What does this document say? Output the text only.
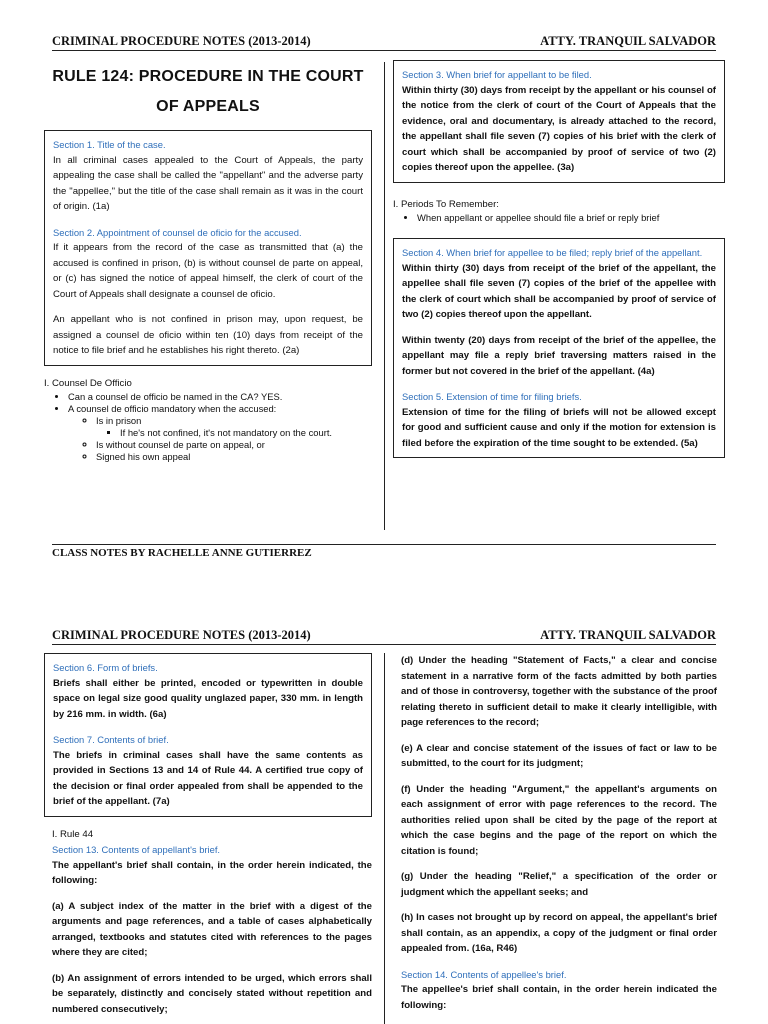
CRIMINAL PROCEDURE NOTES (2013-2014)	ATTY. TRANQUIL SALVADOR
RULE 124: PROCEDURE IN THE COURT
OF APPEALS
Section 1. Title of the case.
In all criminal cases appealed to the Court of Appeals, the party appealing the case shall be called the "appellant" and the adverse party the "appellee," but the title of the case shall remain as it was in the court of origin. (1a)
Section 2. Appointment of counsel de oficio for the accused.
If it appears from the record of the case as transmitted that (a) the accused is confined in prison, (b) is without counsel de parte on appeal, or (c) has signed the notice of appeal himself, the clerk of court of the Court of Appeals shall designate a counsel de oficio.
An appellant who is not confined in prison may, upon request, be assigned a counsel de oficio within ten (10) days from receipt of the notice to file brief and he establishes his right thereto. (2a)
I. Counsel De Officio
• Can a counsel de officio be named in the CA? YES.
• A counsel de officio mandatory when the accused:
◦ Is in prison
▪ If he's not confined, it's not mandatory on the court.
◦ Is without counsel de parte on appeal, or
◦ Signed his own appeal
Section 3. When brief for appellant to be filed.
Within thirty (30) days from receipt by the appellant or his counsel of the notice from the clerk of court of the Court of Appeals that the evidence, oral and documentary, is already attached to the record, the appellant shall file seven (7) copies of his brief with the clerk of court which shall be accompanied by proof of service of two (2) copies thereof upon the appellee. (3a)
I. Periods To Remember:
• When appellant or appellee should file a brief or reply brief
Section 4. When brief for appellee to be filed; reply brief of the appellant.
Within thirty (30) days from receipt of the brief of the appellant, the appellee shall file seven (7) copies of the brief of the appellee with the clerk of court which shall be accompanied by proof of service of two (2) copies thereof upon the appellant.
Within twenty (20) days from receipt of the brief of the appellee, the appellant may file a reply brief traversing matters raised in the former but not covered in the brief of the appellant. (4a)
Section 5. Extension of time for filing briefs.
Extension of time for the filing of briefs will not be allowed except for good and sufficient cause and only if the motion for extension is filed before the expiration of the time sought to be extended. (5a)
CLASS NOTES BY RACHELLE ANNE GUTIERREZ
CRIMINAL PROCEDURE NOTES (2013-2014)	ATTY. TRANQUIL SALVADOR
Section 6. Form of briefs.
Briefs shall either be printed, encoded or typewritten in double space on legal size good quality unglazed paper, 330 mm. in length by 216 mm. in width. (6a)
Section 7. Contents of brief.
The briefs in criminal cases shall have the same contents as provided in Sections 13 and 14 of Rule 44. A certified true copy of the decision or final order appealed from shall be appended to the brief of the appellant. (7a)
I. Rule 44
Section 13. Contents of appellant's brief.
The appellant's brief shall contain, in the order herein indicated, the following:
(a) A subject index of the matter in the brief with a digest of the arguments and page references, and a table of cases alphabetically arranged, textbooks and statutes cited with references to the pages where they are cited;
(b) An assignment of errors intended to be urged, which errors shall be separately, distinctly and concisely stated without repetition and numbered consecutively;
(d) Under the heading "Statement of Facts," a clear and concise statement in a narrative form of the facts admitted by both parties and of those in controversy, together with the substance of the proof relating thereto in sufficient detail to make it clearly intelligible, with page references to the record;
(e) A clear and concise statement of the issues of fact or law to be submitted, to the court for its judgment;
(f) Under the heading "Argument," the appellant's arguments on each assignment of error with page references to the record. The authorities relied upon shall be cited by the page of the report at which the case begins and the page of the report on which the citation is found;
(g) Under the heading "Relief," a specification of the order or judgment which the appellant seeks; and
(h) In cases not brought up by record on appeal, the appellant's brief shall contain, as an appendix, a copy of the judgment or final order appealed from. (16a, R46)
Section 14. Contents of appellee's brief.
The appellee's brief shall contain, in the order herein indicated the following:
